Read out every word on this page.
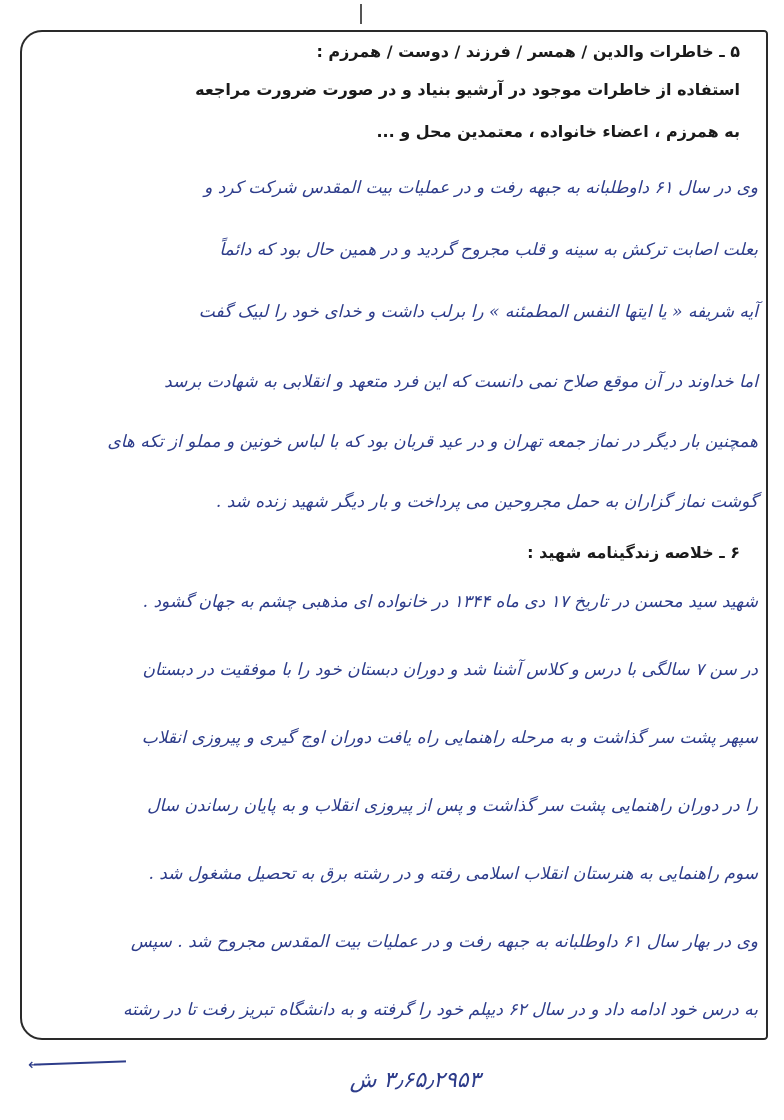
۵ ـ خاطرات والدین / همسر / فرزند / دوست / همرزم :
استفاده از خاطرات موجود در آرشیو بنیاد و در صورت ضرورت مراجعه
به همرزم ، اعضاء خانواده ، معتمدین محل و ...
وی در سال ۶۱ داوطلبانه به جبهه رفت و در عملیات بیت المقدس شرکت کرد و
بعلت اصابت ترکش به سینه و قلب مجروح گردید و در همین حال بود که دائماً
آیه شریفه « یا ایتها النفس المطمئنه » را برلب داشت و خدای خود را لبیک گفت
اما خداوند در آن موقع صلاح نمی دانست که این فرد متعهد و انقلابی به شهادت برسد
همچنین بار دیگر در نماز جمعه تهران و در عید قربان بود که با لباس خونین و مملو از تکه های
گوشت نماز گزاران به حمل مجروحین می پرداخت و بار دیگر شهید زنده شد .
۶ ـ خلاصه زندگینامه شهید :
شهید سید محسن در تاریخ ۱۷ دی ماه ۱۳۴۴ در خانواده ای مذهبی چشم به جهان گشود .
در سن ۷ سالگی با درس و کلاس آشنا شد و دوران دبستان خود را با موفقیت در دبستان
سپهر پشت سر گذاشت و به مرحله راهنمایی راه یافت دوران اوج گیری و پیروزی انقلاب
را در دوران راهنمایی پشت سر گذاشت و پس از پیروزی انقلاب و به پایان رساندن سال
سوم راهنمایی به هنرستان انقلاب اسلامی رفته و در رشته برق به تحصیل مشغول شد .
وی در بهار سال ۶۱ داوطلبانه به جبهه رفت و در عملیات بیت المقدس مجروح شد . سپس
به درس خود ادامه داد و در سال ۶۲ دیپلم خود را گرفته و به دانشگاه تبریز رفت تا در رشته
←
۳٫۶۵٫۲۹۵۳ ش
